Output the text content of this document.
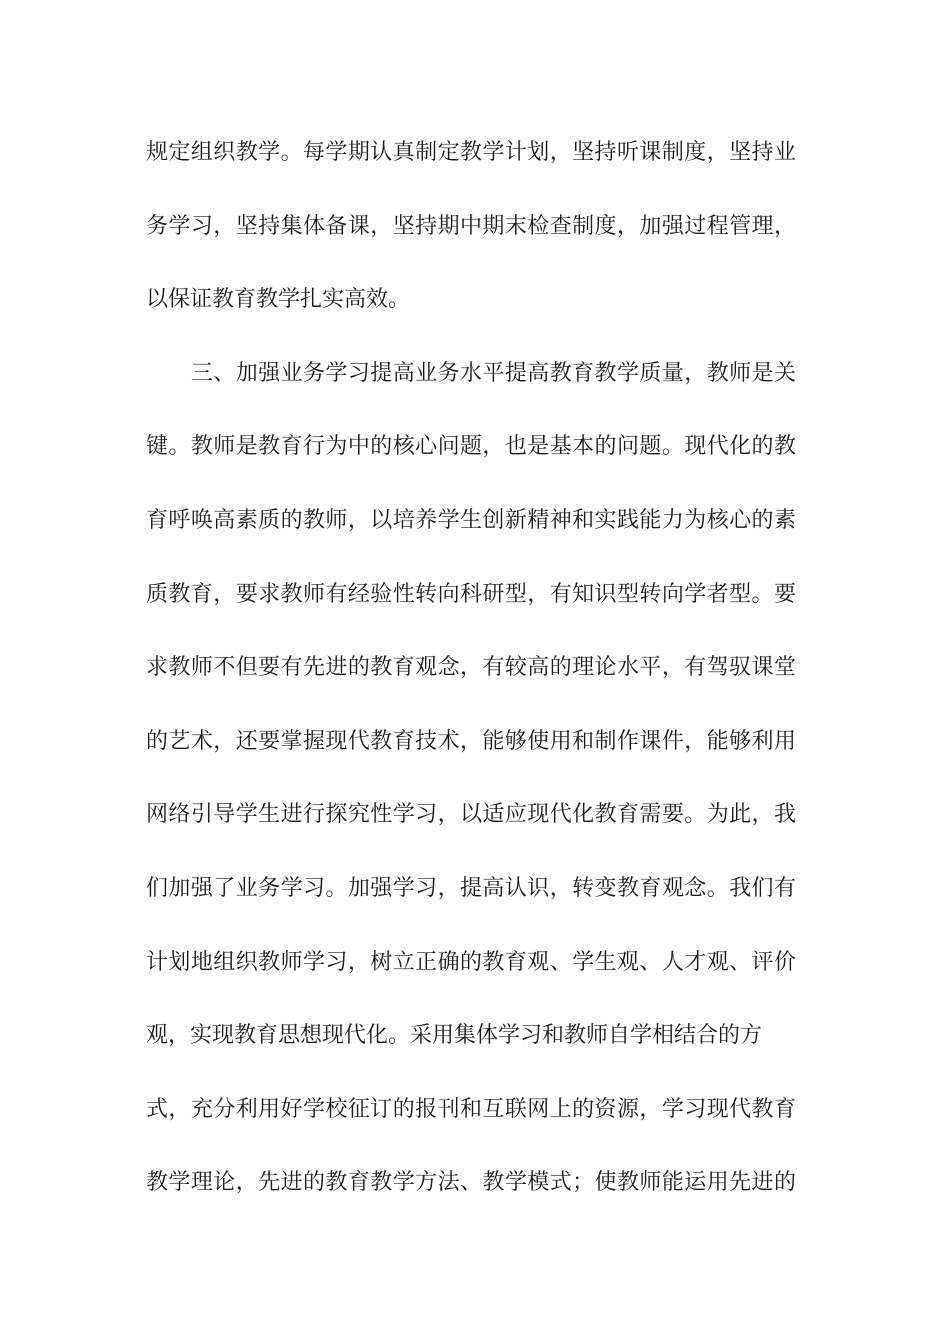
规定组织教学。每学期认真制定教学计划，坚持听课制度，坚持业
务学习，坚持集体备课，坚持期中期末检查制度，加强过程管理，
以保证教育教学扎实高效。
　　三、加强业务学习提高业务水平提高教育教学质量，教师是关
键。教师是教育行为中的核心问题，也是基本的问题。现代化的教
育呼唤高素质的教师，以培养学生创新精神和实践能力为核心的素
质教育，要求教师有经验性转向科研型，有知识型转向学者型。要
求教师不但要有先进的教育观念，有较高的理论水平，有驾驭课堂
的艺术，还要掌握现代教育技术，能够使用和制作课件，能够利用
网络引导学生进行探究性学习，以适应现代化教育需要。为此，我
们加强了业务学习。加强学习，提高认识，转变教育观念。我们有
计划地组织教师学习，树立正确的教育观、学生观、人才观、评价
观，实现教育思想现代化。采用集体学习和教师自学相结合的方
式，充分利用好学校征订的报刊和互联网上的资源，学习现代教育
教学理论，先进的教育教学方法、教学模式；使教师能运用先进的
